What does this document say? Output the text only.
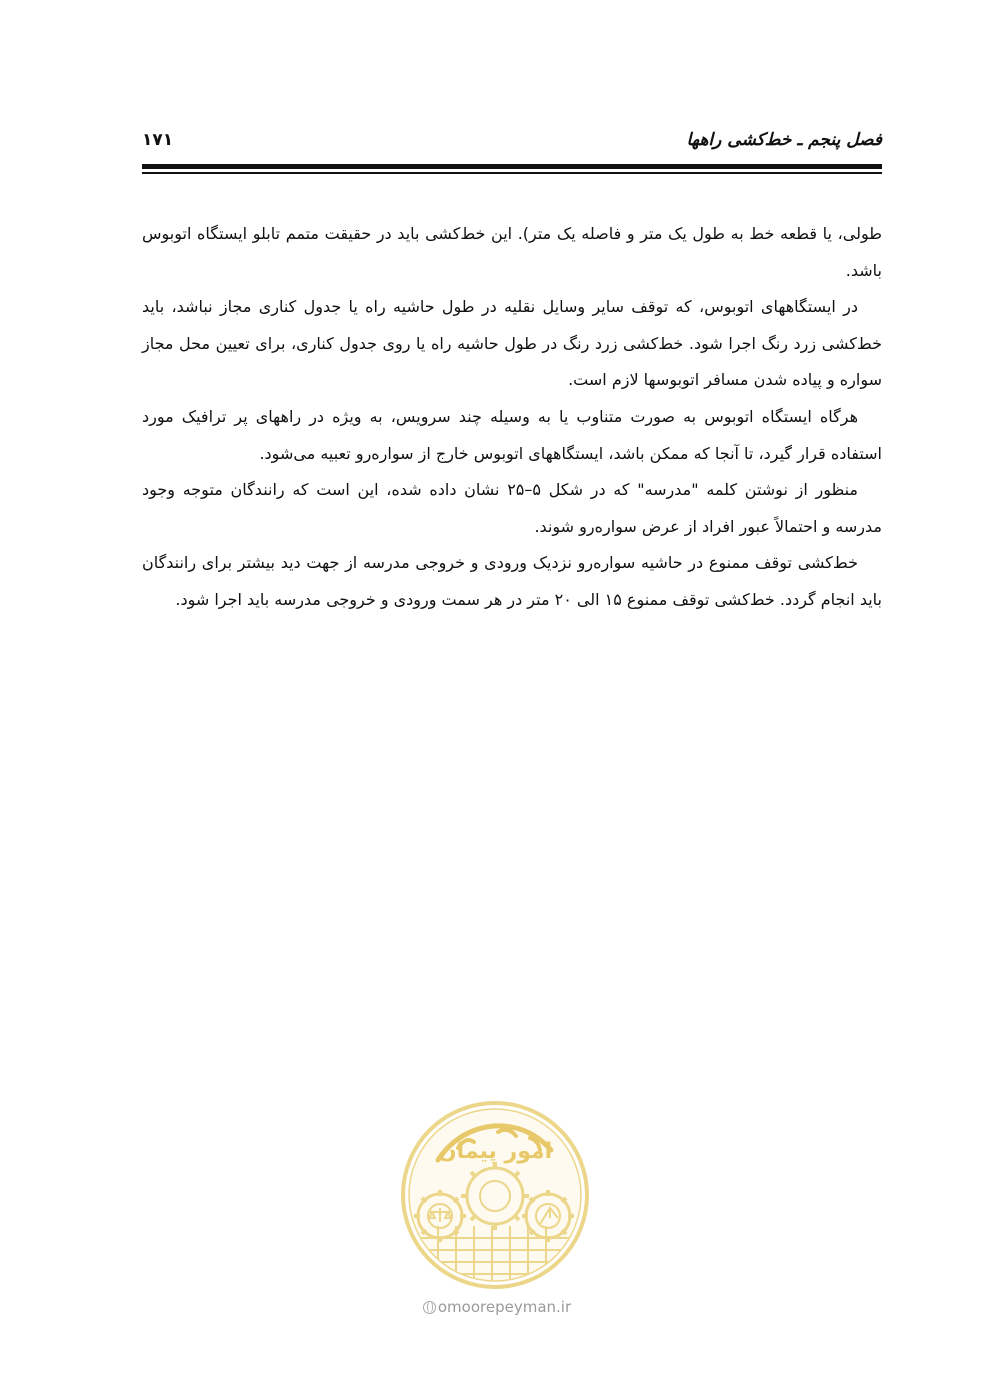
فصل پنجم ـ خط‌کشی راهها
۱۷۱

طولی، یا قطعه خط به طول یک متر و فاصله یک متر). این خط‌کشی باید در حقیقت متمم تابلو ایستگاه اتوبوس باشد.

در ایستگاههای اتوبوس، که توقف سایر وسایل نقلیه در طول حاشیه راه یا جدول کناری مجاز نباشد، باید خط‌کشی زرد رنگ اجرا شود. خط‌کشی زرد رنگ در طول حاشیه راه یا روی جدول کناری، برای تعیین محل مجاز سواره و پیاده شدن مسافر اتوبوسها لازم است.

هرگاه ایستگاه اتوبوس به صورت متناوب یا به وسیله چند سرویس، به ویژه در راههای پر ترافیک مورد استفاده قرار گیرد، تا آنجا که ممکن باشد، ایستگاههای اتوبوس خارج از سواره‌رو تعبیه می‌شود.

منظور از نوشتن کلمه "مدرسه" که در شکل ۵–۲۵ نشان داده شده، این است که رانندگان متوجه وجود مدرسه و احتمالاً عبور افراد از عرض سواره‌رو شوند.

خط‌کشی توقف ممنوع در حاشیه سواره‌رو نزدیک ورودی و خروجی مدرسه از جهت دید بیشتر برای رانندگان باید انجام گردد. خط‌کشی توقف ممنوع ۱۵ الی ۲۰ متر در هر سمت ورودی و خروجی مدرسه باید اجرا شود.

امور پیمان
omoorepeyman.ir
